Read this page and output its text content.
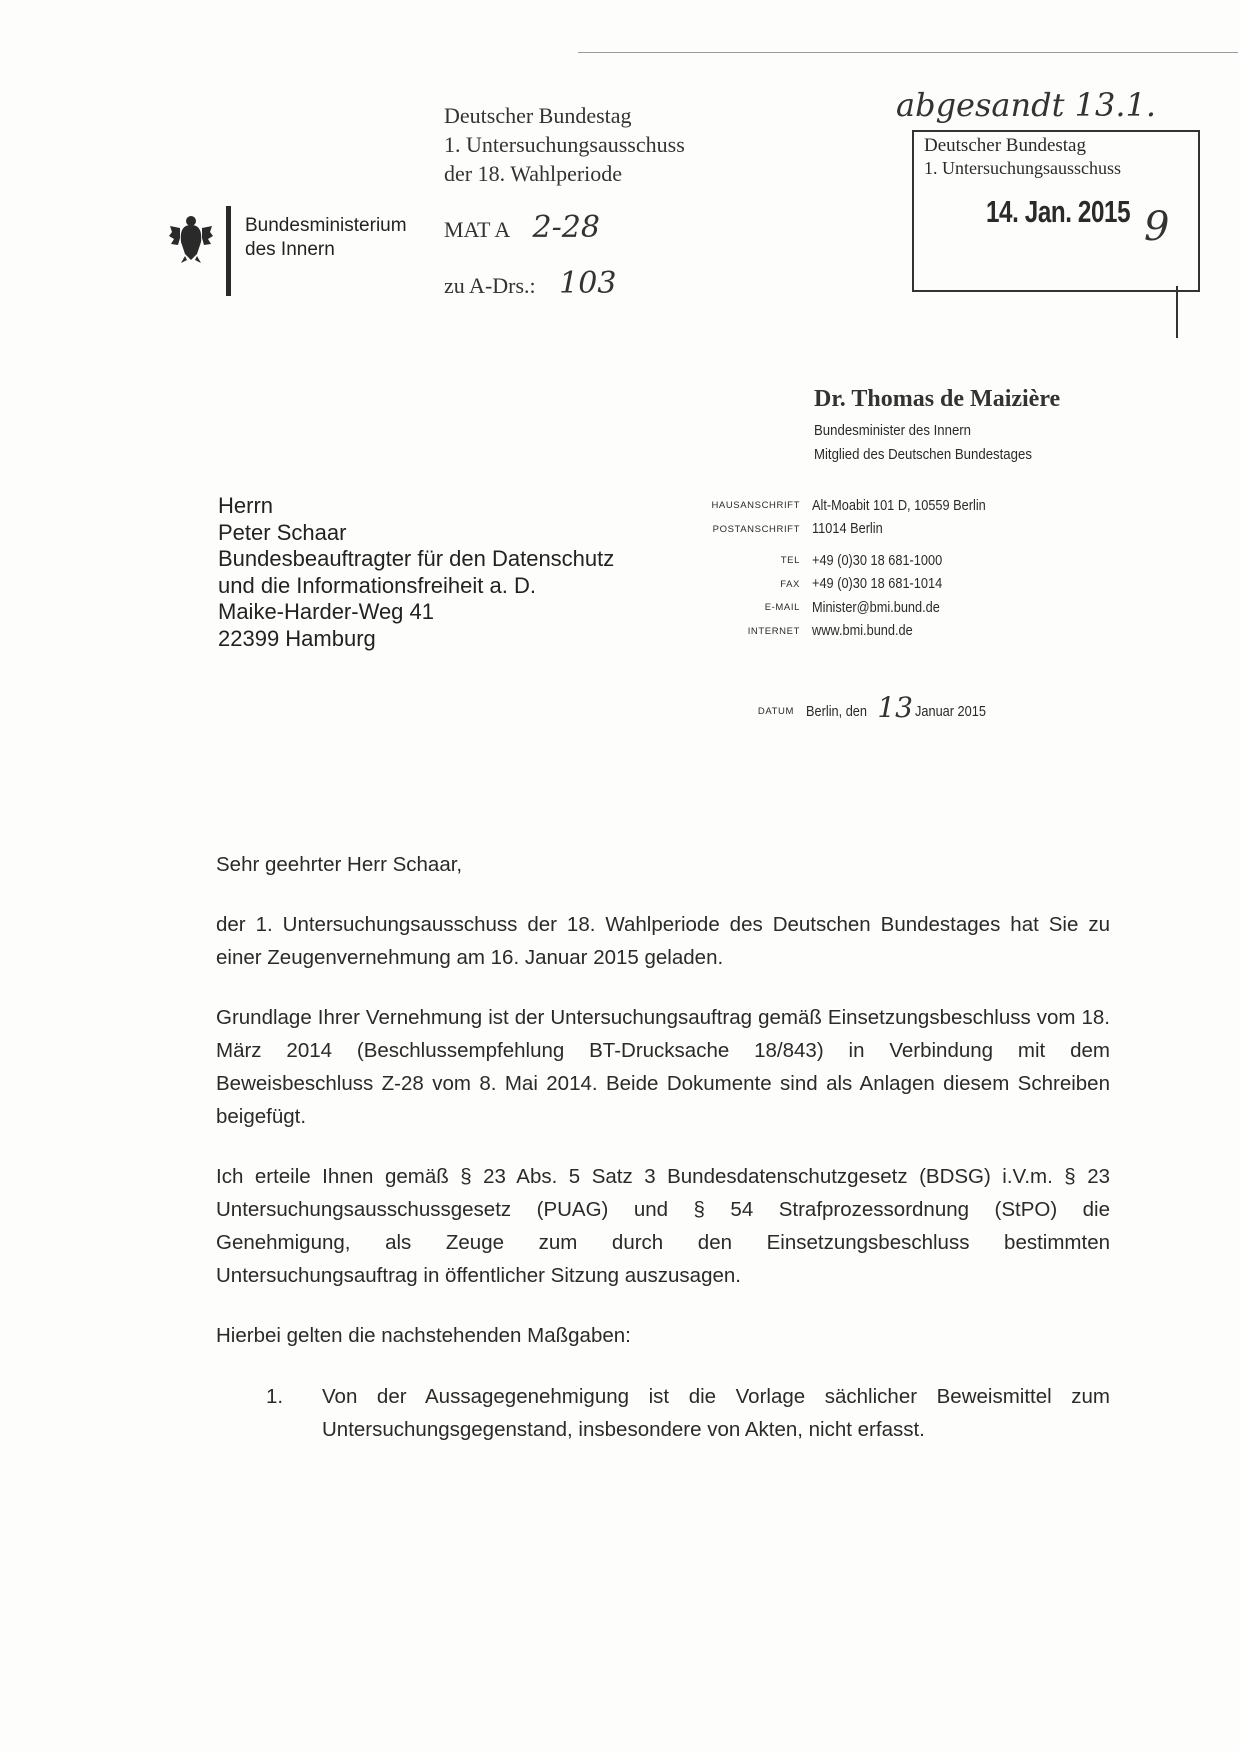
Deutscher Bundestag
1. Untersuchungsausschuss
der 18. Wahlperiode
MAT A 2-28
zu A-Drs.: 103
Bundesministerium
des Innern
abgesandt 13.1.
Deutscher Bundestag
1. Untersuchungsausschuss
14. Jan. 2015 9
Dr. Thomas de Maizière
Bundesminister des Innern
Mitglied des Deutschen Bundestages
Herrn
Peter Schaar
Bundesbeauftragter für den Datenschutz
und die Informationsfreiheit a. D.
Maike-Harder-Weg 41
22399 Hamburg
HAUSANSCHRIFT Alt-Moabit 101 D, 10559 Berlin
POSTANSCHRIFT 11014 Berlin
TEL +49 (0)30 18 681-1000
FAX +49 (0)30 18 681-1014
E-MAIL Minister@bmi.bund.de
INTERNET www.bmi.bund.de
DATUM Berlin, den 13 Januar 2015

Sehr geehrter Herr Schaar,

der 1. Untersuchungsausschuss der 18. Wahlperiode des Deutschen Bundestages hat Sie zu einer Zeugenvernehmung am 16. Januar 2015 geladen.

Grundlage Ihrer Vernehmung ist der Untersuchungsauftrag gemäß Einsetzungsbeschluss vom 18. März 2014 (Beschlussempfehlung BT-Drucksache 18/843) in Verbindung mit dem Beweisbeschluss Z-28 vom 8. Mai 2014. Beide Dokumente sind als Anlagen diesem Schreiben beigefügt.

Ich erteile Ihnen gemäß § 23 Abs. 5 Satz 3 Bundesdatenschutzgesetz (BDSG) i.V.m. § 23 Untersuchungsausschussgesetz (PUAG) und § 54 Strafprozessordnung (StPO) die Genehmigung, als Zeuge zum durch den Einsetzungsbeschluss bestimmten Untersuchungsauftrag in öffentlicher Sitzung auszusagen.

Hierbei gelten die nachstehenden Maßgaben:

1.	Von der Aussagegenehmigung ist die Vorlage sächlicher Beweismittel zum Untersuchungsgegenstand, insbesondere von Akten, nicht erfasst.
